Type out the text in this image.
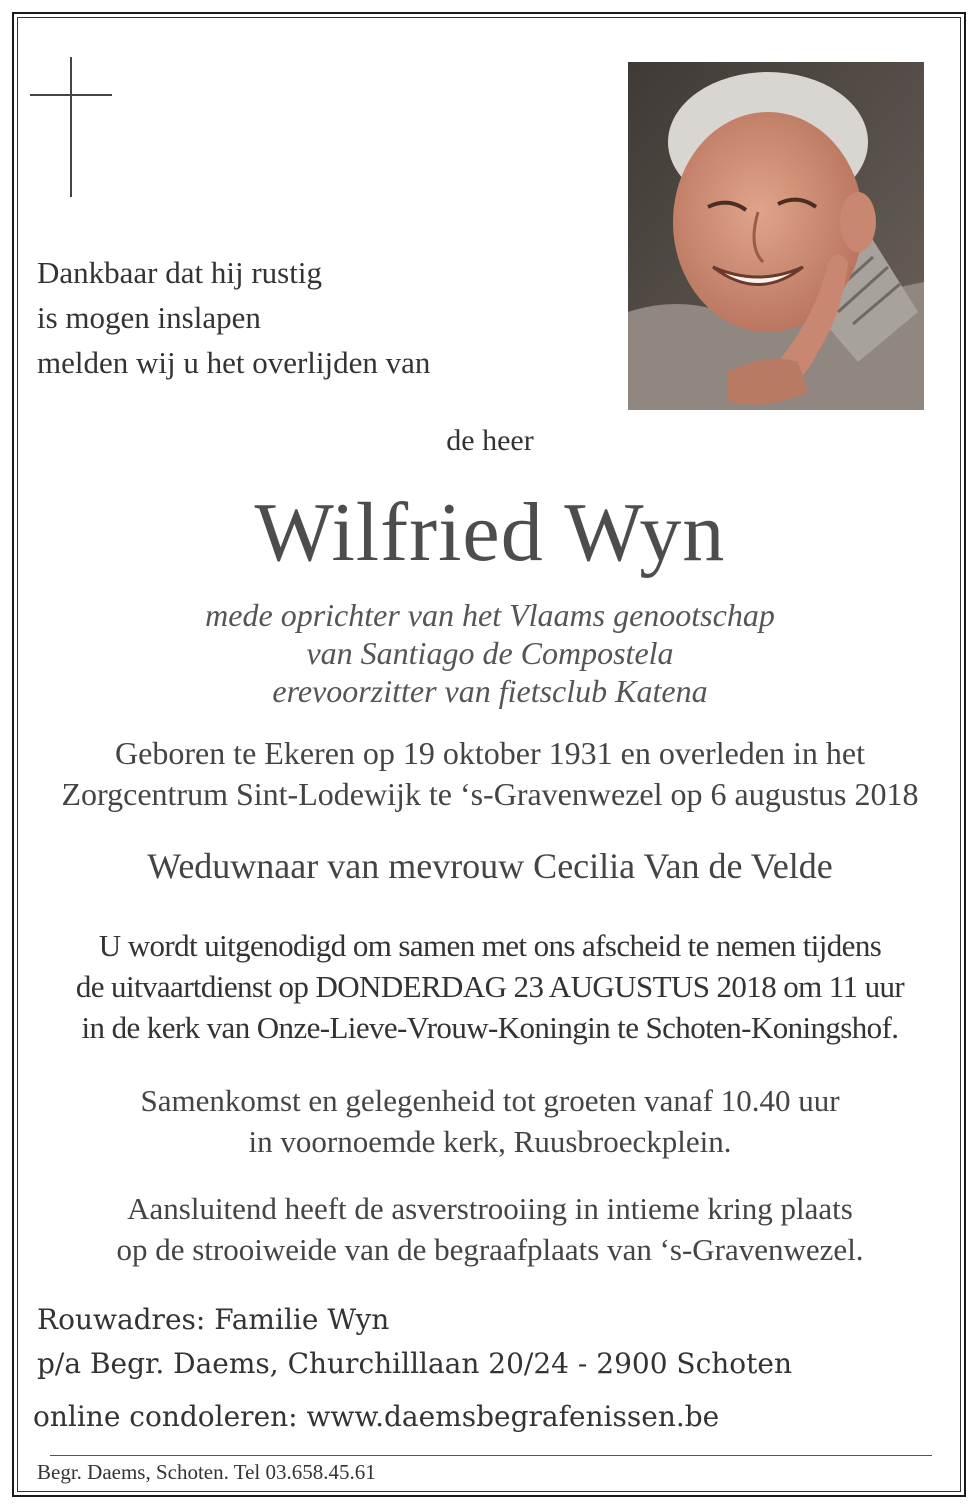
Dankbaar dat hij rustig
is mogen inslapen
melden wij u het overlijden van
de heer
Wilfried Wyn
mede oprichter van het Vlaams genootschap
van Santiago de Compostela
erevoorzitter van fietsclub Katena
Geboren te Ekeren op 19 oktober 1931 en overleden in het
Zorgcentrum Sint-Lodewijk te ‘s-Gravenwezel op 6 augustus 2018
Weduwnaar van mevrouw Cecilia Van de Velde
U wordt uitgenodigd om samen met ons afscheid te nemen tijdens
de uitvaartdienst op DONDERDAG 23 AUGUSTUS 2018 om 11 uur
in de kerk van Onze-Lieve-Vrouw-Koningin te Schoten-Koningshof.
Samenkomst en gelegenheid tot groeten vanaf 10.40 uur
in voornoemde kerk, Ruusbroeckplein.
Aansluitend heeft de asverstrooiing in intieme kring plaats
op de strooiweide van de begraafplaats van ‘s-Gravenwezel.
Rouwadres: Familie Wyn
p/a Begr. Daems, Churchilllaan 20/24 - 2900 Schoten
online condoleren: www.daemsbegrafenissen.be
Begr. Daems, Schoten. Tel 03.658.45.61
